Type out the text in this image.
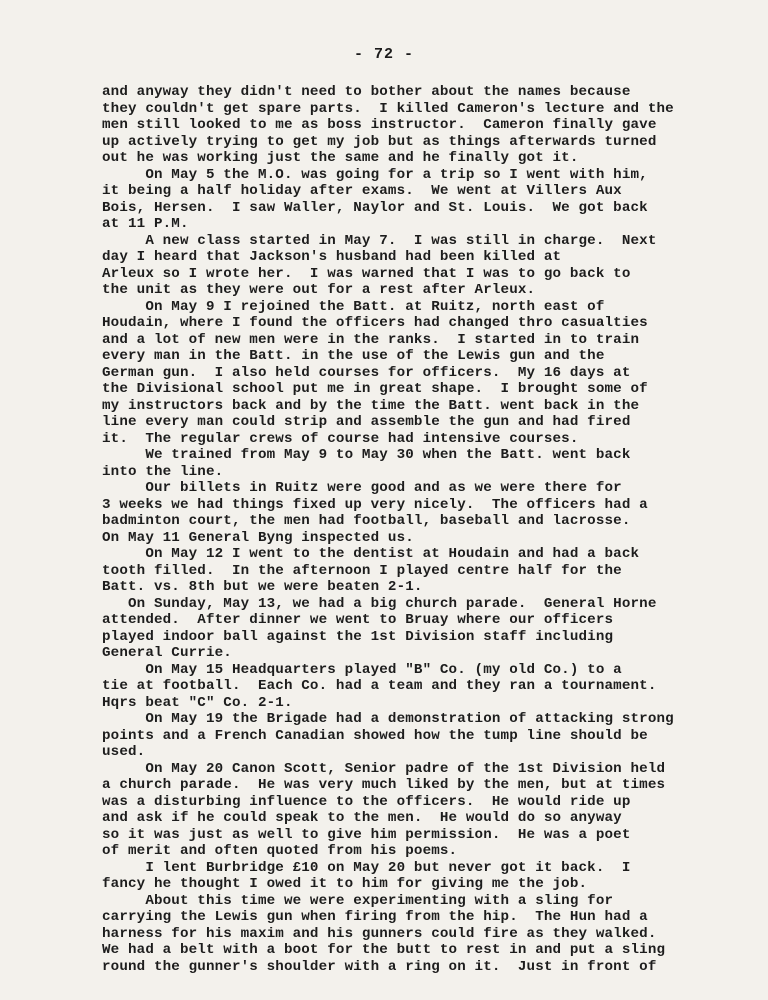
- 72 -
and anyway they didn't need to bother about the names because
they couldn't get spare parts.  I killed Cameron's lecture and the
men still looked to me as boss instructor.  Cameron finally gave
up actively trying to get my job but as things afterwards turned
out he was working just the same and he finally got it.
On May 5 the M.O. was going for a trip so I went with him,
it being a half holiday after exams.  We went at Villers Aux
Bois, Hersen.  I saw Waller, Naylor and St. Louis.  We got back
at 11 P.M.
A new class started in May 7.  I was still in charge.  Next
day I heard that Jackson's husband had been killed at
Arleux so I wrote her.  I was warned that I was to go back to
the unit as they were out for a rest after Arleux.
On May 9 I rejoined the Batt. at Ruitz, north east of
Houdain, where I found the officers had changed thro casualties
and a lot of new men were in the ranks.  I started in to train
every man in the Batt. in the use of the Lewis gun and the
German gun.  I also held courses for officers.  My 16 days at
the Divisional school put me in great shape.  I brought some of
my instructors back and by the time the Batt. went back in the
line every man could strip and assemble the gun and had fired
it.  The regular crews of course had intensive courses.
We trained from May 9 to May 30 when the Batt. went back
into the line.
Our billets in Ruitz were good and as we were there for
3 weeks we had things fixed up very nicely.  The officers had a
badminton court, the men had football, baseball and lacrosse.
On May 11 General Byng inspected us.
On May 12 I went to the dentist at Houdain and had a back
tooth filled.  In the afternoon I played centre half for the
Batt. vs. 8th but we were beaten 2-1.
On Sunday, May 13, we had a big church parade.  General Horne
attended.  After dinner we went to Bruay where our officers
played indoor ball against the 1st Division staff including
General Currie.
On May 15 Headquarters played "B" Co. (my old Co.) to a
tie at football.  Each Co. had a team and they ran a tournament.
Hqrs beat "C" Co. 2-1.
On May 19 the Brigade had a demonstration of attacking strong
points and a French Canadian showed how the tump line should be
used.
On May 20 Canon Scott, Senior padre of the 1st Division held
a church parade.  He was very much liked by the men, but at times
was a disturbing influence to the officers.  He would ride up
and ask if he could speak to the men.  He would do so anyway
so it was just as well to give him permission.  He was a poet
of merit and often quoted from his poems.
I lent Burbridge £10 on May 20 but never got it back.  I
fancy he thought I owed it to him for giving me the job.
About this time we were experimenting with a sling for
carrying the Lewis gun when firing from the hip.  The Hun had a
harness for his maxim and his gunners could fire as they walked.
We had a belt with a boot for the butt to rest in and put a sling
round the gunner's shoulder with a ring on it.  Just in front of
